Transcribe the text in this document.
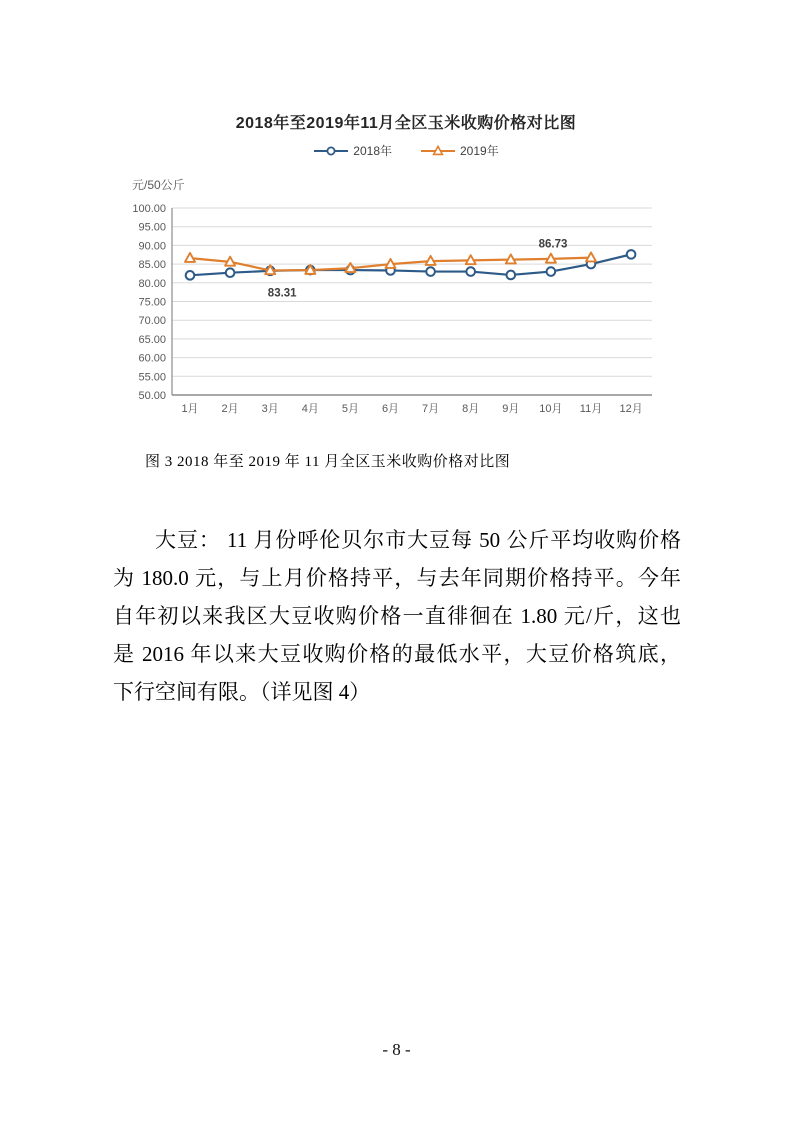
2018年至2019年11月全区玉米收购价格对比图
2018年	2019年
元/50公斤
100.00
95.00
90.00
85.00
80.00
75.00
70.00
65.00
60.00
55.00
50.00
1月 2月 3月 4月 5月 6月 7月 8月 9月 10月 11月 12月
83.31
86.73
图 3 2018 年至 2019 年 11 月全区玉米收购价格对比图
大豆： 11 月份呼伦贝尔市大豆每 50 公斤平均收购价格
为 180.0 元，与上月价格持平，与去年同期价格持平。今年
自年初以来我区大豆收购价格一直徘徊在 1.80 元/斤，这也
是 2016 年以来大豆收购价格的最低水平，大豆价格筑底，
下行空间有限。（详见图 4）
- 8 -
